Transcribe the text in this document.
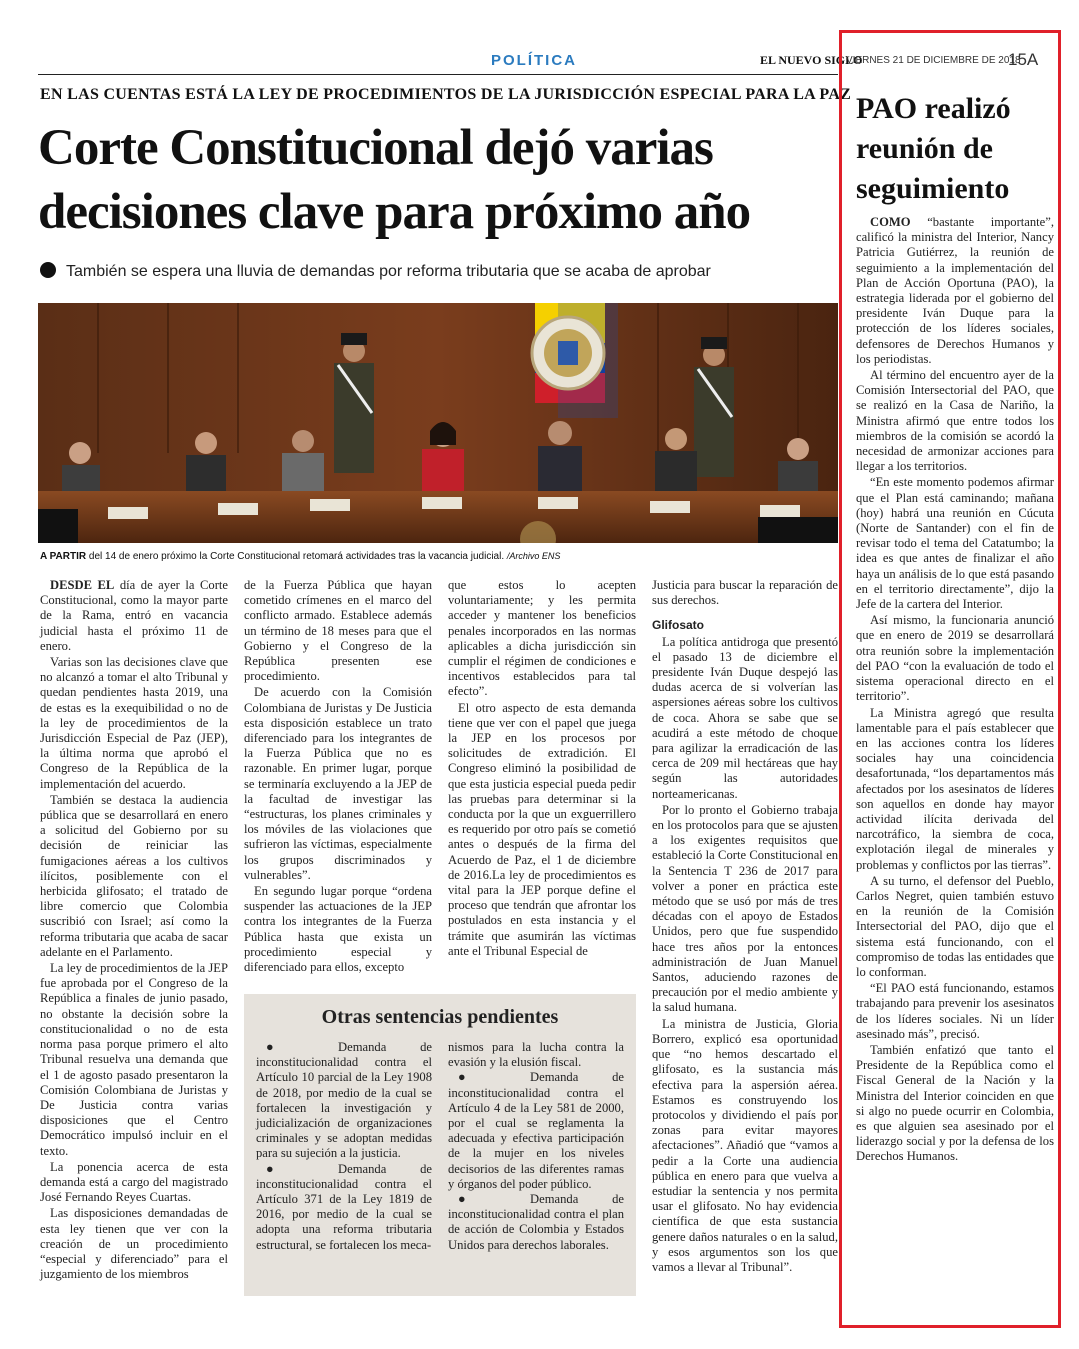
POLÍTICA	EL NUEVO SIGLO
VIERNES 21 DE DICIEMBRE DE 2018
15A
EN LAS CUENTAS ESTÁ LA LEY DE PROCEDIMIENTOS DE LA JURISDICCIÓN ESPECIAL PARA LA PAZ
Corte Constitucional dejó varias
decisiones clave para próximo año
También se espera una lluvia de demandas por reforma tributaria que se acaba de aprobar
A PARTIR del 14 de enero próximo la Corte Constitucional retomará actividades tras la vacancia judicial. /Archivo ENS

DESDE EL día de ayer la Corte Constitucional, como la mayor parte de la Rama, entró en vacancia judicial hasta el próximo 11 de enero.

Varias son las decisiones clave que no alcanzó a tomar el alto Tribunal y quedan pendientes hasta 2019, una de estas es la exequibilidad o no de la ley de procedimientos de la Jurisdicción Especial de Paz (JEP), la última norma que aprobó el Congreso de la República de la implementación del acuerdo.

También se destaca la audiencia pública que se desarrollará en enero a solicitud del Gobierno por su decisión de reiniciar las fumigaciones aéreas a los cultivos ilícitos, posiblemente con el herbicida glifosato; el tratado de libre comercio que Colombia suscribió con Israel; así como la reforma tributaria que acaba de sacar adelante en el Parlamento.

La ley de procedimientos de la JEP fue aprobada por el Congreso de la República a finales de junio pasado, no obstante la decisión sobre la constitucionalidad o no de esta norma pasa porque primero el alto Tribunal resuelva una demanda que el 1 de agosto pasado presentaron la Comisión Colombiana de Juristas y De Justicia contra varias disposiciones que el Centro Democrático impulsó incluir en el texto.

La ponencia acerca de esta demanda está a cargo del magistrado José Fernando Reyes Cuartas.

Las disposiciones demandadas de esta ley tienen que ver con la creación de un procedimiento “especial y diferenciado” para el juzgamiento de los miembros

de la Fuerza Pública que hayan cometido crímenes en el marco del conflicto armado. Establece además un término de 18 meses para que el Gobierno y el Congreso de la República presenten ese procedimiento.

De acuerdo con la Comisión Colombiana de Juristas y De Justicia esta disposición establece un trato diferenciado para los integrantes de la Fuerza Pública que no es razonable. En primer lugar, porque se terminaría excluyendo a la JEP de la facultad de investigar las “estructuras, los planes criminales y los móviles de las violaciones que sufrieron las víctimas, especialmente los grupos discriminados y vulnerables”.

En segundo lugar porque “ordena suspender las actuaciones de la JEP contra los integrantes de la Fuerza Pública hasta que exista un procedimiento especial y diferenciado para ellos, excepto

que estos lo acepten voluntariamente; y les permita acceder y mantener los beneficios penales incorporados en las normas aplicables a dicha jurisdicción sin cumplir el régimen de condiciones e incentivos establecidos para tal efecto”.

El otro aspecto de esta demanda tiene que ver con el papel que juega la JEP en los procesos por solicitudes de extradición. El Congreso eliminó la posibilidad de que esta justicia especial pueda pedir las pruebas para determinar si la conducta por la que un exguerrillero es requerido por otro país se cometió antes o después de la firma del Acuerdo de Paz, el 1 de diciembre de 2016.La ley de procedimientos es vital para la JEP porque define el proceso que tendrán que afrontar los postulados en esta instancia y el trámite que asumirán las víctimas ante el Tribunal Especial de

Justicia para buscar la reparación de sus derechos.

Glifosato

La política antidroga que presentó el pasado 13 de diciembre el presidente Iván Duque despejó las dudas acerca de si volverían las aspersiones aéreas sobre los cultivos de coca. Ahora se sabe que se acudirá a este método de choque para agilizar la erradicación de las cerca de 209 mil hectáreas que hay según las autoridades norteamericanas.

Por lo pronto el Gobierno trabaja en los protocolos para que se ajusten a los exigentes requisitos que estableció la Corte Constitucional en la Sentencia T 236 de 2017 para volver a poner en práctica este método que se usó por más de tres décadas con el apoyo de Estados Unidos, pero que fue suspendido hace tres años por la entonces administración de Juan Manuel Santos, aduciendo razones de precaución por el medio ambiente y la salud humana.

La ministra de Justicia, Gloria Borrero, explicó esa oportunidad que “no hemos descartado el glifosato, es la sustancia más efectiva para la aspersión aérea. Estamos es construyendo los protocolos y dividiendo el país por zonas para evitar mayores afectaciones”. Añadió que “vamos a pedir a la Corte una audiencia pública en enero para que vuelva a estudiar la sentencia y nos permita usar el glifosato. No hay evidencia científica de que esta sustancia genere daños naturales o en la salud, y esos argumentos son los que vamos a llevar al Tribunal”.

Otras sentencias pendientes

● Demanda de inconstitucionalidad contra el Artículo 10 parcial de la Ley 1908 de 2018, por medio de la cual se fortalecen la investigación y judicialización de organizaciones criminales y se adoptan medidas para su sujeción a la justicia.

● Demanda de inconstitucionalidad contra el Artículo 371 de la Ley 1819 de 2016, por medio de la cual se adopta una reforma tributaria estructural, se fortalecen los meca-

nismos para la lucha contra la evasión y la elusión fiscal.

● Demanda de inconstitucionalidad contra el Artículo 4 de la Ley 581 de 2000, por el cual se reglamenta la adecuada y efectiva participación de la mujer en los niveles decisorios de las diferentes ramas y órganos del poder público.

● Demanda de inconstitucionalidad contra el plan de acción de Colombia y Estados Unidos para derechos laborales.

PAO realizó reunión de seguimiento

COMO “bastante importante”, calificó la ministra del Interior, Nancy Patricia Gutiérrez, la reunión de seguimiento a la implementación del Plan de Acción Oportuna (PAO), la estrategia liderada por el gobierno del presidente Iván Duque para la protección de los líderes sociales, defensores de Derechos Humanos y los periodistas.

Al término del encuentro ayer de la Comisión Intersectorial del PAO, que se realizó en la Casa de Nariño, la Ministra afirmó que entre todos los miembros de la comisión se acordó la necesidad de armonizar acciones para llegar a los territorios.

“En este momento podemos afirmar que el Plan está caminando; mañana (hoy) habrá una reunión en Cúcuta (Norte de Santander) con el fin de revisar todo el tema del Catatumbo; la idea es que antes de finalizar el año haya un análisis de lo que está pasando en el territorio directamente”, dijo la Jefe de la cartera del Interior.

Así mismo, la funcionaria anunció que en enero de 2019 se desarrollará otra reunión sobre la implementación del PAO “con la evaluación de todo el sistema operacional directo en el territorio”.

La Ministra agregó que resulta lamentable para el país establecer que en las acciones contra los líderes sociales hay una coincidencia desafortunada, “los departamentos más afectados por los asesinatos de líderes son aquellos en donde hay mayor actividad ilícita derivada del narcotráfico, la siembra de coca, explotación ilegal de minerales y problemas y conflictos por las tierras”.

A su turno, el defensor del Pueblo, Carlos Negret, quien también estuvo en la reunión de la Comisión Intersectorial del PAO, dijo que el sistema está funcionando, con el compromiso de todas las entidades que lo conforman.

“El PAO está funcionando, estamos trabajando para prevenir los asesinatos de los líderes sociales. Ni un líder asesinado más”, precisó.

También enfatizó que tanto el Presidente de la República como el Fiscal General de la Nación y la Ministra del Interior coinciden en que si algo no puede ocurrir en Colombia, es que alguien sea asesinado por el liderazgo social y por la defensa de los Derechos Humanos.
